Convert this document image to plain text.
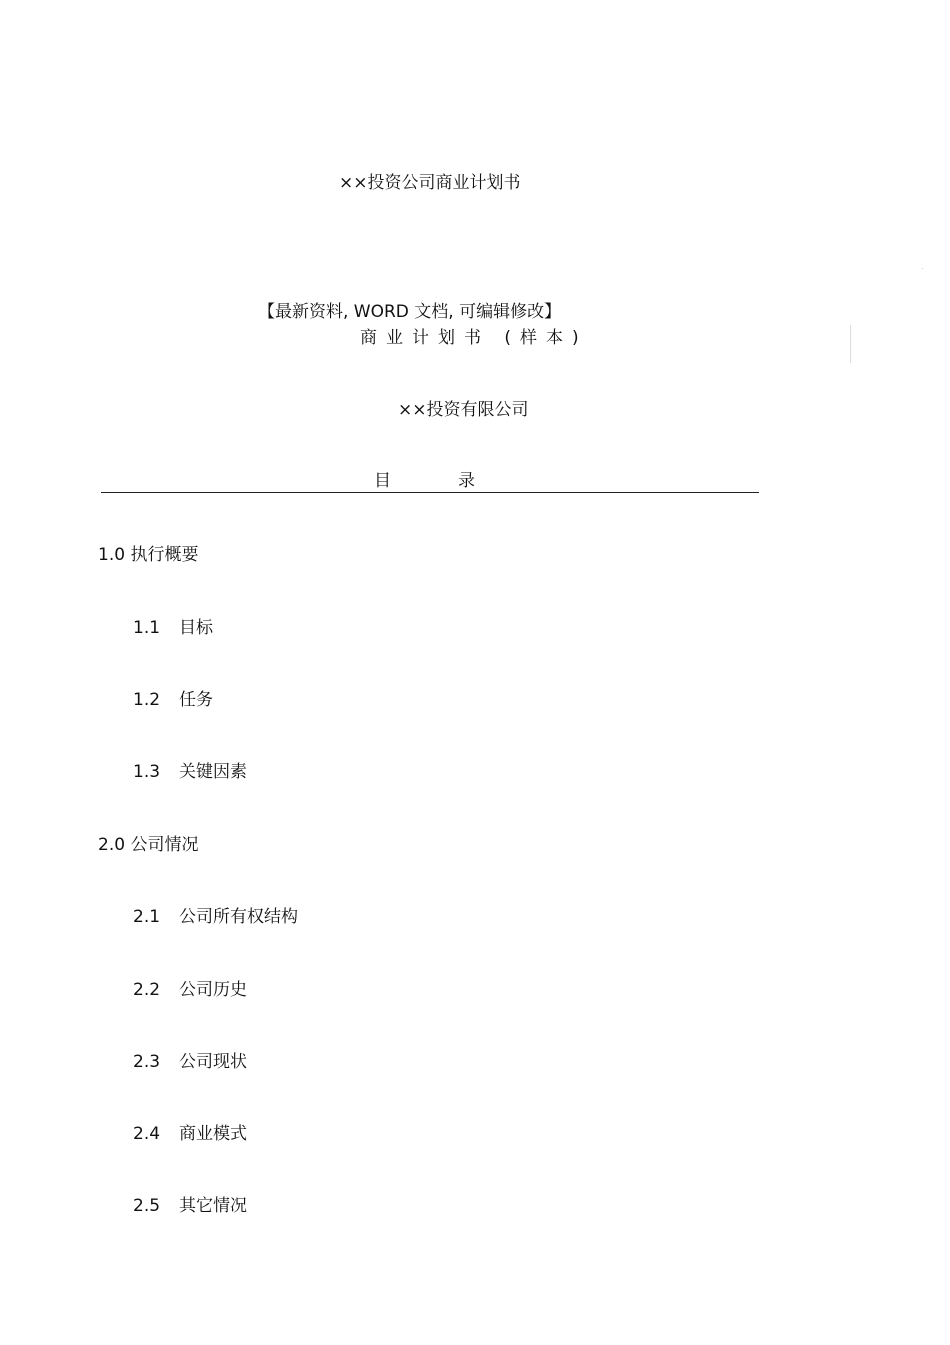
××投资公司商业计划书
【最新资料, WORD 文档, 可编辑修改】
商业计划书 (样本)
××投资有限公司
目	录
1.0 执行概要
1.1 目标
1.2 任务
1.3 关键因素
2.0 公司情况
2.1 公司所有权结构
2.2 公司历史
2.3 公司现状
2.4 商业模式
2.5 其它情况
